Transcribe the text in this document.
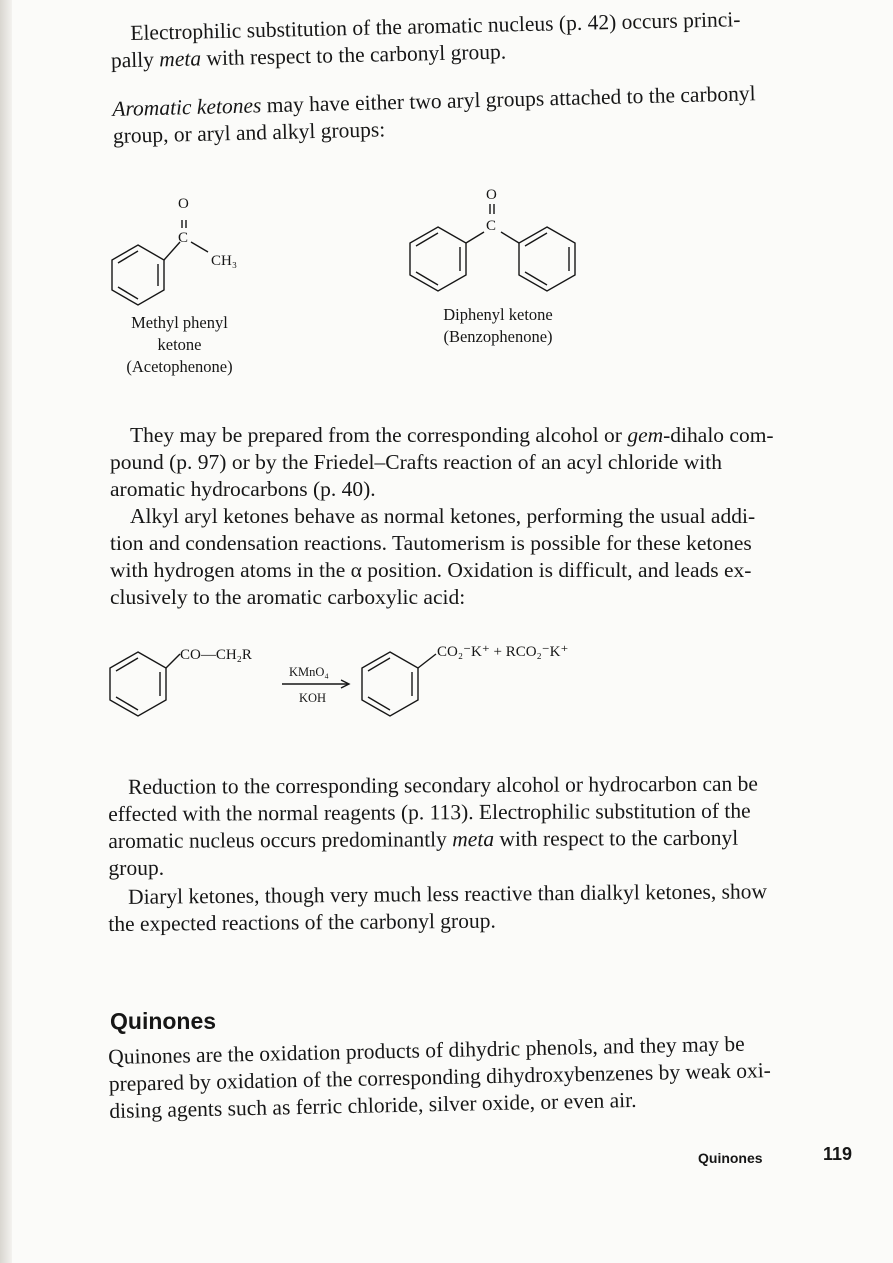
Electrophilic substitution of the aromatic nucleus (p. 42) occurs princi-
pally meta with respect to the carbonyl group.
Aromatic ketones may have either two aryl groups attached to the carbonyl
group, or aryl and alkyl groups:
O
C
CH₃
Methyl phenyl
ketone
(Acetophenone)
O
C
Diphenyl ketone
(Benzophenone)
They may be prepared from the corresponding alcohol or gem-dihalo com-
pound (p. 97) or by the Friedel–Crafts reaction of an acyl chloride with
aromatic hydrocarbons (p. 40).
Alkyl aryl ketones behave as normal ketones, performing the usual addi-
tion and condensation reactions. Tautomerism is possible for these ketones
with hydrogen atoms in the α position. Oxidation is difficult, and leads ex-
clusively to the aromatic carboxylic acid:
CO—CH₂R
KMnO₄
KOH
CO₂⁻K⁺ + RCO₂⁻K⁺
Reduction to the corresponding secondary alcohol or hydrocarbon can be
effected with the normal reagents (p. 113). Electrophilic substitution of the
aromatic nucleus occurs predominantly meta with respect to the carbonyl
group.
Diaryl ketones, though very much less reactive than dialkyl ketones, show
the expected reactions of the carbonyl group.
Quinones
Quinones are the oxidation products of dihydric phenols, and they may be
prepared by oxidation of the corresponding dihydroxybenzenes by weak oxi-
dising agents such as ferric chloride, silver oxide, or even air.
Quinones	119
